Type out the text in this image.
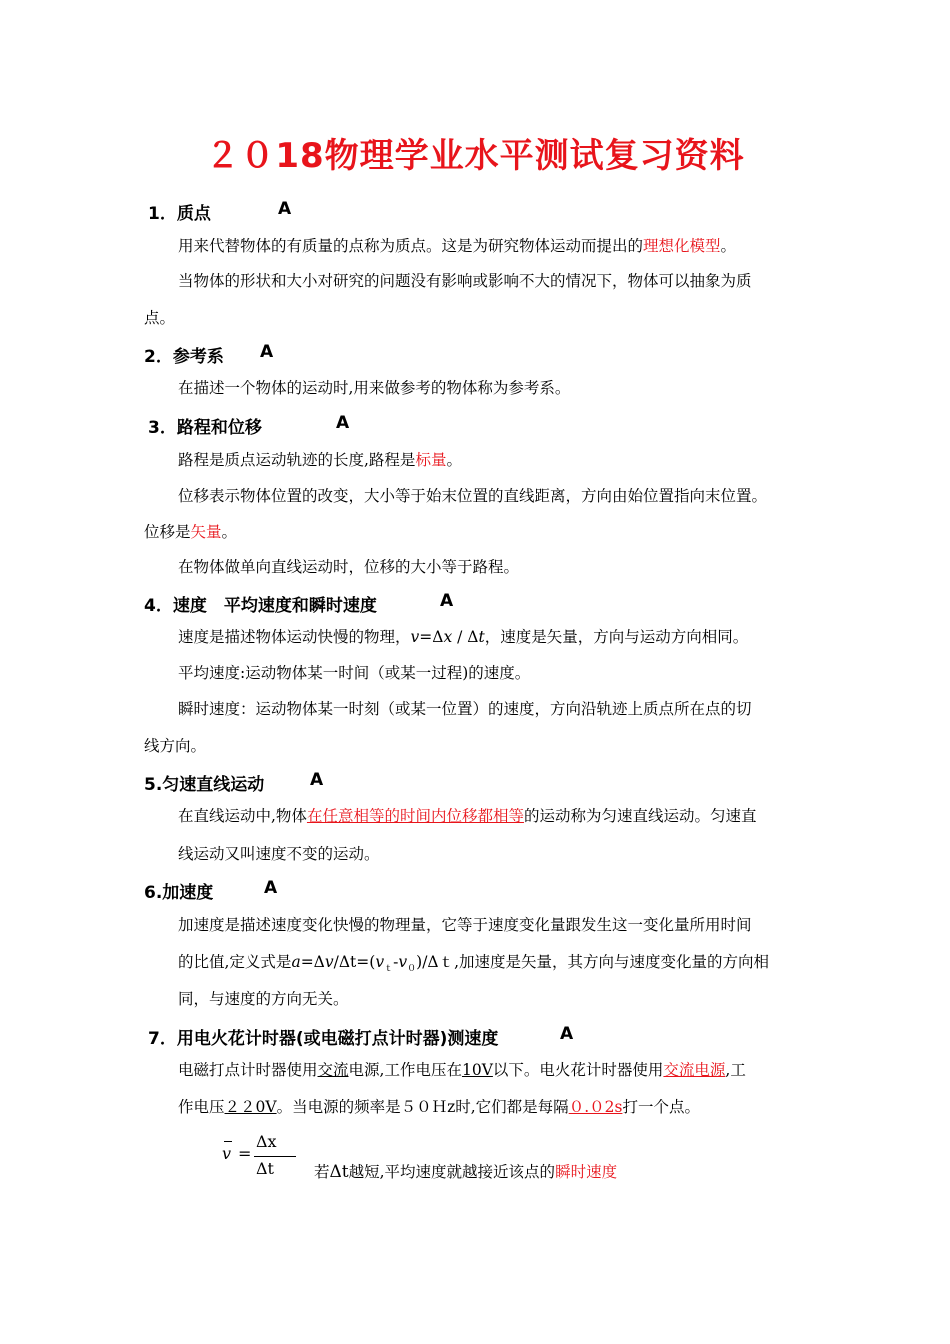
２０18物理学业水平测试复习资料
1．质点	A
用来代替物体的有质量的点称为质点。这是为研究物体运动而提出的理想化模型。
当物体的形状和大小对研究的问题没有影响或影响不大的情况下，物体可以抽象为质
点。
2．参考系 A
在描述一个物体的运动时,用来做参考的物体称为参考系。
3．路程和位移	A
路程是质点运动轨迹的长度,路程是标量。
位移表示物体位置的改变，大小等于始末位置的直线距离，方向由始位置指向末位置。
位移是矢量。
在物体做单向直线运动时，位移的大小等于路程。
4．速度　平均速度和瞬时速度	A
速度是描述物体运动快慢的物理，v=Δx / Δt，速度是矢量，方向与运动方向相同。
平均速度:运动物体某一时间（或某一过程)的速度。
瞬时速度：运动物体某一时刻（或某一位置）的速度，方向沿轨迹上质点所在点的切
线方向。
5.匀速直线运动	A
在直线运动中,物体在任意相等的时间内位移都相等的运动称为匀速直线运动。匀速直
线运动又叫速度不变的运动。
6.加速度	A
加速度是描述速度变化快慢的物理量，它等于速度变化量跟发生这一变化量所用时间
的比值,定义式是$a=\Delta v/\Delta t=(v_t-v_0)/\Delta t$,加速度是矢量，其方向与速度变化量的方向相
同，与速度的方向无关。
7．用电火花计时器(或电磁打点计时器)测速度	A
电磁打点计时器使用交流电源,工作电压在10V以下。电火花计时器使用交流电源,工
作电压２２0V。当电源的频率是５０Ｈz时,它们都是每隔０.０2s打一个点。
v =
Δx
Δt	若Δt越短,平均速度就越接近该点的瞬时速度
